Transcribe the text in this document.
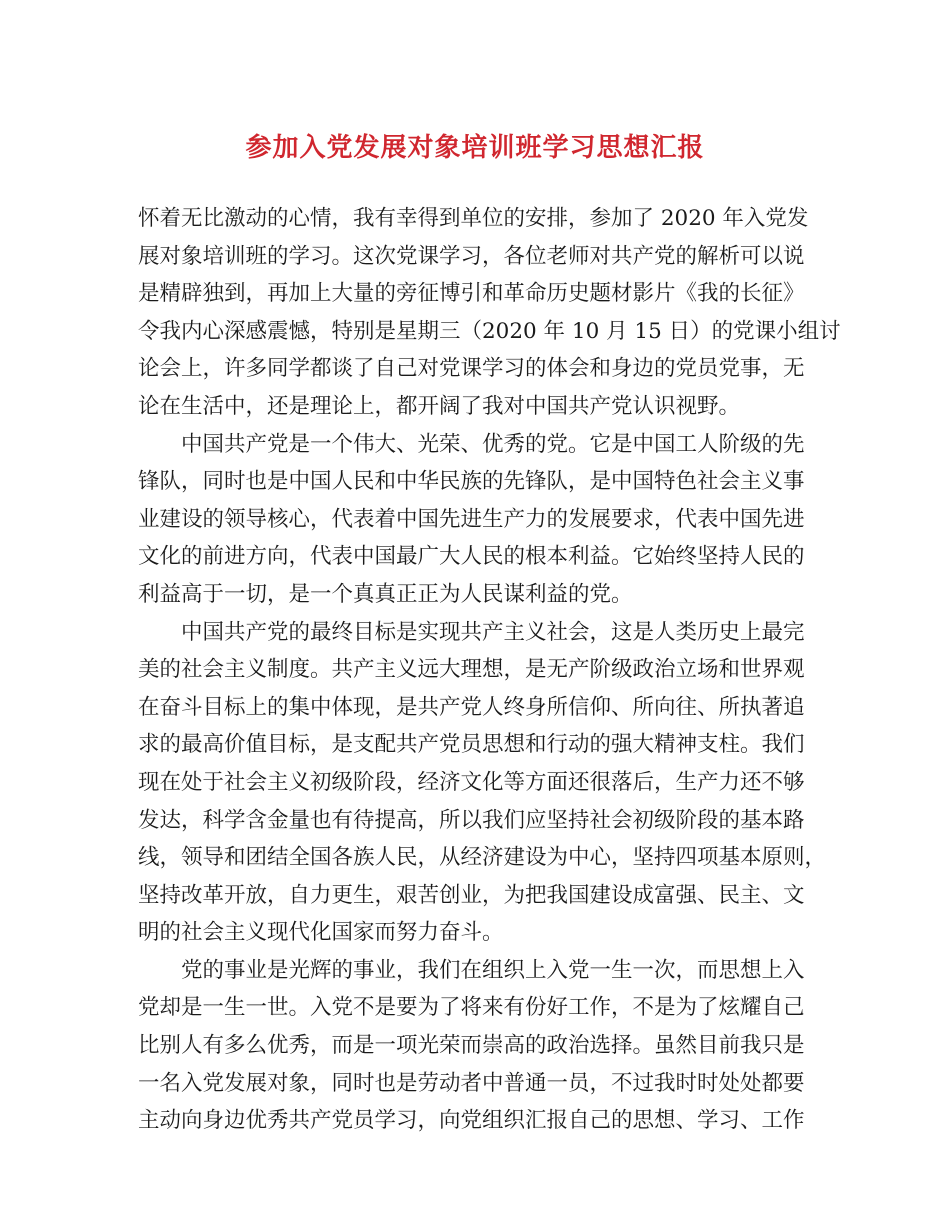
参加入党发展对象培训班学习思想汇报

怀着无比激动的心情，我有幸得到单位的安排，参加了 2020 年入党发
展对象培训班的学习。这次党课学习，各位老师对共产党的解析可以说
是精辟独到，再加上大量的旁征博引和革命历史题材影片《我的长征》
令我内心深感震憾，特别是星期三（2020 年 10 月 15 日）的党课小组讨
论会上，许多同学都谈了自己对党课学习的体会和身边的党员党事，无
论在生活中，还是理论上，都开阔了我对中国共产党认识视野。

中国共产党是一个伟大、光荣、优秀的党。它是中国工人阶级的先
锋队，同时也是中国人民和中华民族的先锋队，是中国特色社会主义事
业建设的领导核心，代表着中国先进生产力的发展要求，代表中国先进
文化的前进方向，代表中国最广大人民的根本利益。它始终坚持人民的
利益高于一切，是一个真真正正为人民谋利益的党。

中国共产党的最终目标是实现共产主义社会，这是人类历史上最完
美的社会主义制度。共产主义远大理想，是无产阶级政治立场和世界观
在奋斗目标上的集中体现，是共产党人终身所信仰、所向往、所执著追
求的最高价值目标，是支配共产党员思想和行动的强大精神支柱。我们
现在处于社会主义初级阶段，经济文化等方面还很落后，生产力还不够
发达，科学含金量也有待提高，所以我们应坚持社会初级阶段的基本路
线，领导和团结全国各族人民，从经济建设为中心，坚持四项基本原则，
坚持改革开放，自力更生，艰苦创业，为把我国建设成富强、民主、文
明的社会主义现代化国家而努力奋斗。

党的事业是光辉的事业，我们在组织上入党一生一次，而思想上入
党却是一生一世。入党不是要为了将来有份好工作，不是为了炫耀自己
比别人有多么优秀，而是一项光荣而崇高的政治选择。虽然目前我只是
一名入党发展对象，同时也是劳动者中普通一员，不过我时时处处都要
主动向身边优秀共产党员学习，向党组织汇报自己的思想、学习、工作
